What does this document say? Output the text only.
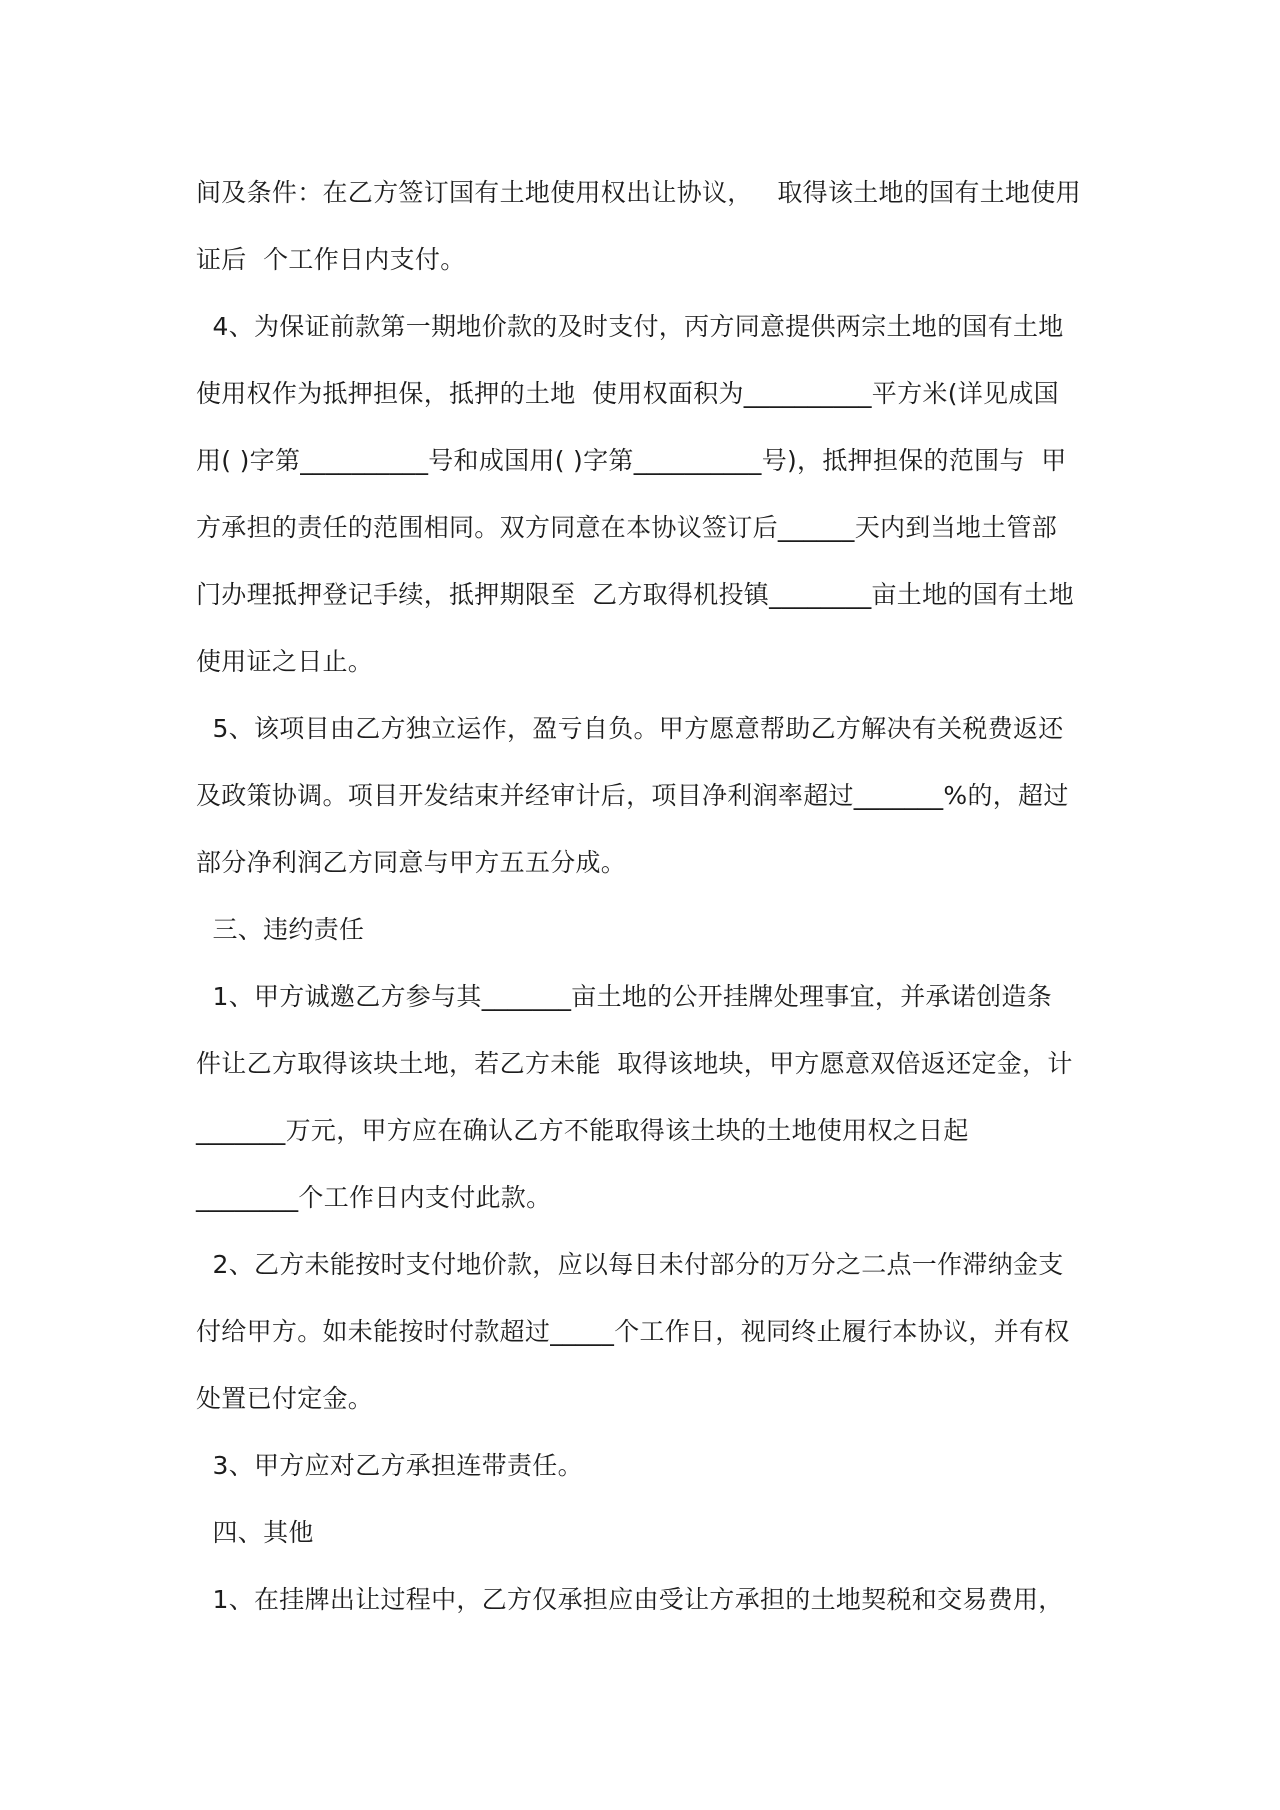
间及条件：在乙方签订国有土地使用权出让协议，   取得该土地的国有土地使用
证后  个工作日内支付。
4、为保证前款第一期地价款的及时支付，丙方同意提供两宗土地的国有土地
使用权作为抵押担保，抵押的土地  使用权面积为__________平方米(详见成国
用( )字第__________号和成国用( )字第__________号)，抵押担保的范围与  甲
方承担的责任的范围相同。双方同意在本协议签订后______天内到当地土管部
门办理抵押登记手续，抵押期限至  乙方取得机投镇________亩土地的国有土地
使用证之日止。
5、该项目由乙方独立运作，盈亏自负。甲方愿意帮助乙方解决有关税费返还
及政策协调。项目开发结束并经审计后，项目净利润率超过_______%的，超过
部分净利润乙方同意与甲方五五分成。
三、违约责任
1、甲方诚邀乙方参与其_______亩土地的公开挂牌处理事宜，并承诺创造条
件让乙方取得该块土地，若乙方未能  取得该地块，甲方愿意双倍返还定金，计
_______万元，甲方应在确认乙方不能取得该土块的土地使用权之日起
________个工作日内支付此款。
2、乙方未能按时支付地价款，应以每日未付部分的万分之二点一作滞纳金支
付给甲方。如未能按时付款超过_____个工作日，视同终止履行本协议，并有权
处置已付定金。
3、甲方应对乙方承担连带责任。
四、其他
1、在挂牌出让过程中，乙方仅承担应由受让方承担的土地契税和交易费用，
